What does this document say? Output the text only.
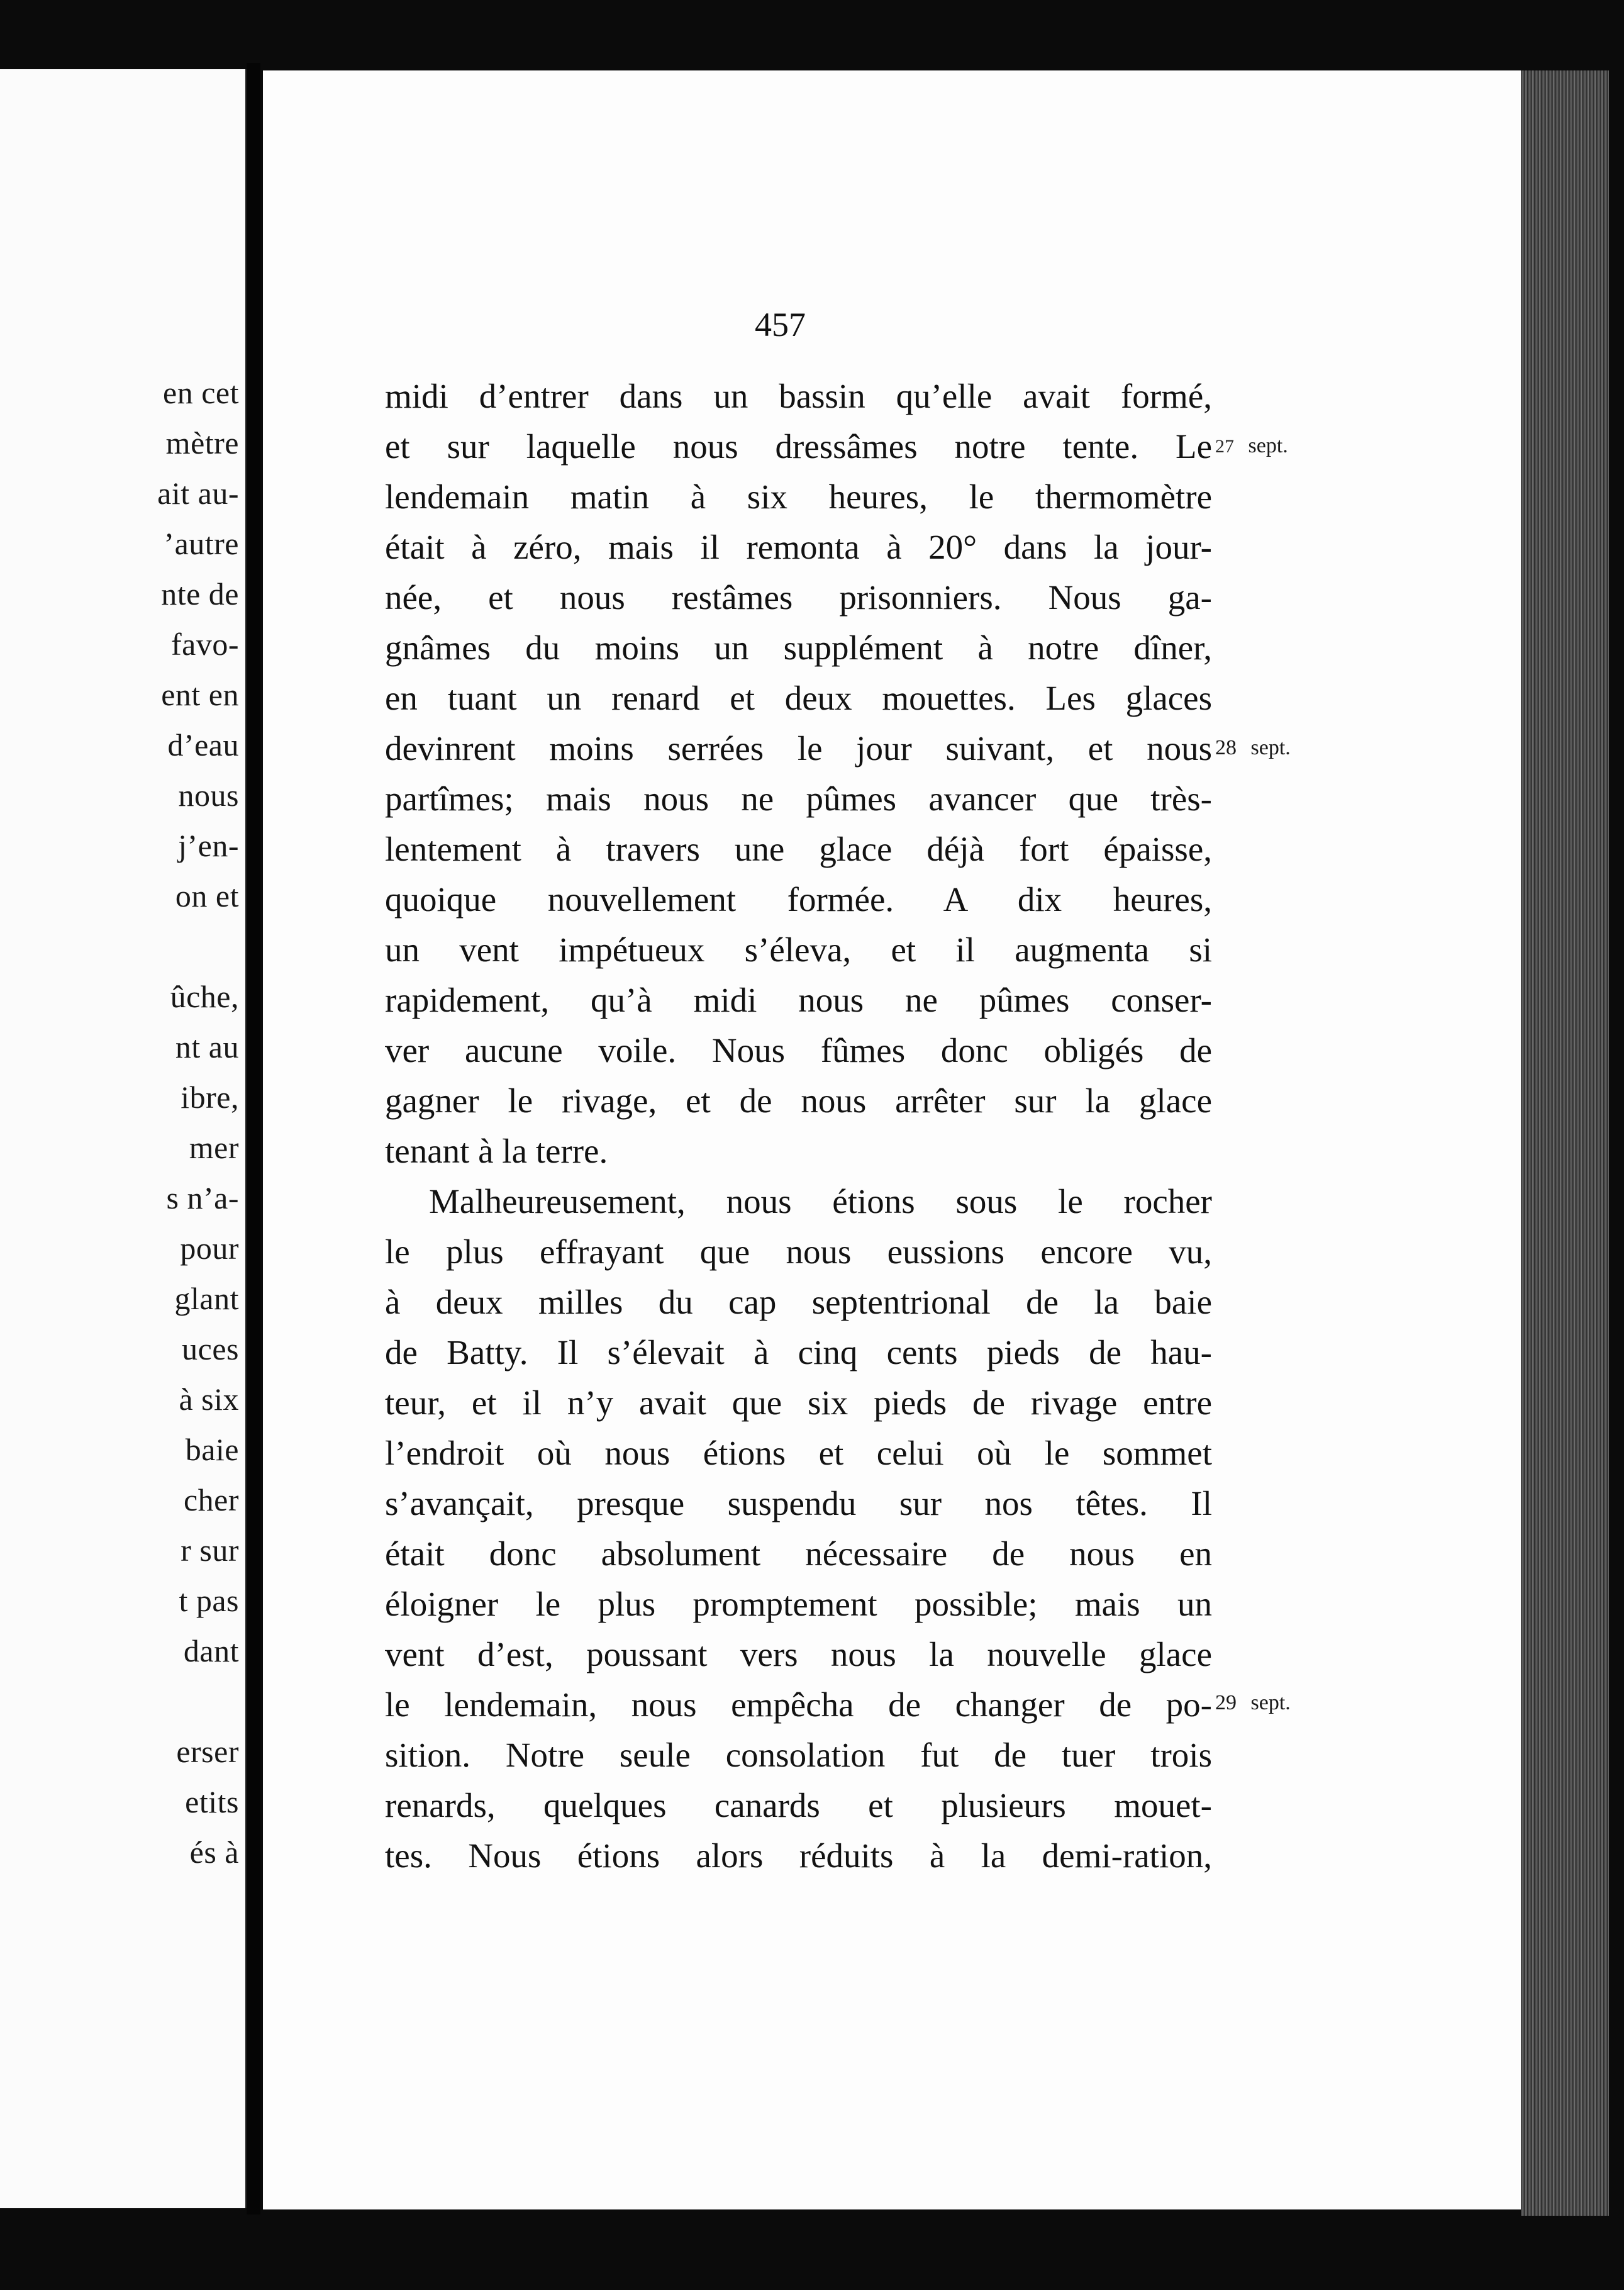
en cet
mètre
ait au-
’autre
nte de
favo-
ent en
d’eau
nous
j’en-
on et
ûche,
nt au
ibre,
mer
s n’a-
pour
glant
uces
à six
baie
cher
r sur
t pas
dant
erser
etits
és à
457
midi d’entrer dans un bassin qu’elle avait formé,
et sur laquelle nous dressâmes notre tente. Le
lendemain matin à six heures, le thermomètre
était à zéro, mais il remonta à 20° dans la jour-
née, et nous restâmes prisonniers. Nous ga-
gnâmes du moins un supplément à notre dîner,
en tuant un renard et deux mouettes. Les glaces
devinrent moins serrées le jour suivant, et nous
partîmes; mais nous ne pûmes avancer que très-
lentement à travers une glace déjà fort épaisse,
quoique nouvellement formée. A dix heures,
un vent impétueux s’éleva, et il augmenta si
rapidement, qu’à midi nous ne pûmes conser-
ver aucune voile. Nous fûmes donc obligés de
gagner le rivage, et de nous arrêter sur la glace
tenant à la terre.
Malheureusement, nous étions sous le rocher
le plus effrayant que nous eussions encore vu,
à deux milles du cap septentrional de la baie
de Batty. Il s’élevait à cinq cents pieds de hau-
teur, et il n’y avait que six pieds de rivage entre
l’endroit où nous étions et celui où le sommet
s’avançait, presque suspendu sur nos têtes. Il
était donc absolument nécessaire de nous en
éloigner le plus promptement possible; mais un
vent d’est, poussant vers nous la nouvelle glace
le lendemain, nous empêcha de changer de po-
sition. Notre seule consolation fut de tuer trois
renards, quelques canards et plusieurs mouet-
tes. Nous étions alors réduits à la demi-ration,
27 sept.
28 sept.
29 sept.
